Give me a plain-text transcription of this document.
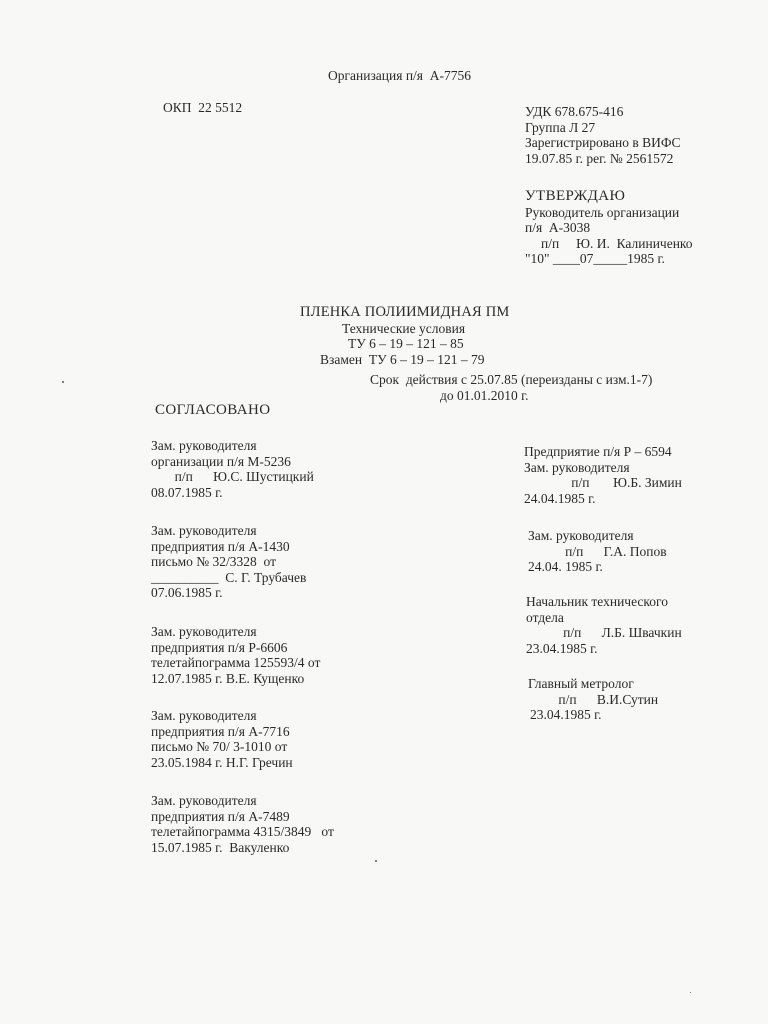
Организация п/я  А-7756
ОКП  22 5512	УДК 678.675-416
Группа Л 27
Зарегистрировано в ВИФС
19.07.85 г. рег. № 2561572
УТВЕРЖДАЮ
Руководитель организации
п/я  А-3038
п/п     Ю. И.  Калиниченко
"10" ____07_____1985 г.
ПЛЕНКА ПОЛИИМИДНАЯ ПМ
Технические условия
ТУ 6 – 19 – 121 – 85
Взамен  ТУ 6 – 19 – 121 – 79
Срок  действия с 25.07.85 (переизданы с изм.1-7)
до 01.01.2010 г.
СОГЛАСОВАНО
Зам. руководителя
организации п/я М-5236
п/п      Ю.С. Шустицкий
08.07.1985 г.
Зам. руководителя
предприятия п/я А-1430
письмо № 32/3328  от
__________  С. Г. Трубачев
07.06.1985 г.
Зам. руководителя
предприятия п/я Р-6606
телетайпограмма 125593/4 от
12.07.1985 г. В.Е. Кущенко
Зам. руководителя
предприятия п/я А-7716
письмо № 70/ 3-1010 от
23.05.1984 г. Н.Г. Гречин
Зам. руководителя
предприятия п/я А-7489
телетайпограмма 4315/3849   от
15.07.1985 г.  Вакуленко
Предприятие п/я Р – 6594
Зам. руководителя
п/п       Ю.Б. Зимин
24.04.1985 г.
Зам. руководителя
п/п      Г.А. Попов
24.04. 1985 г.
Начальник технического
отдела
п/п      Л.Б. Швачкин
23.04.1985 г.
Главный метролог
п/п      В.И.Сутин
23.04.1985 г.
